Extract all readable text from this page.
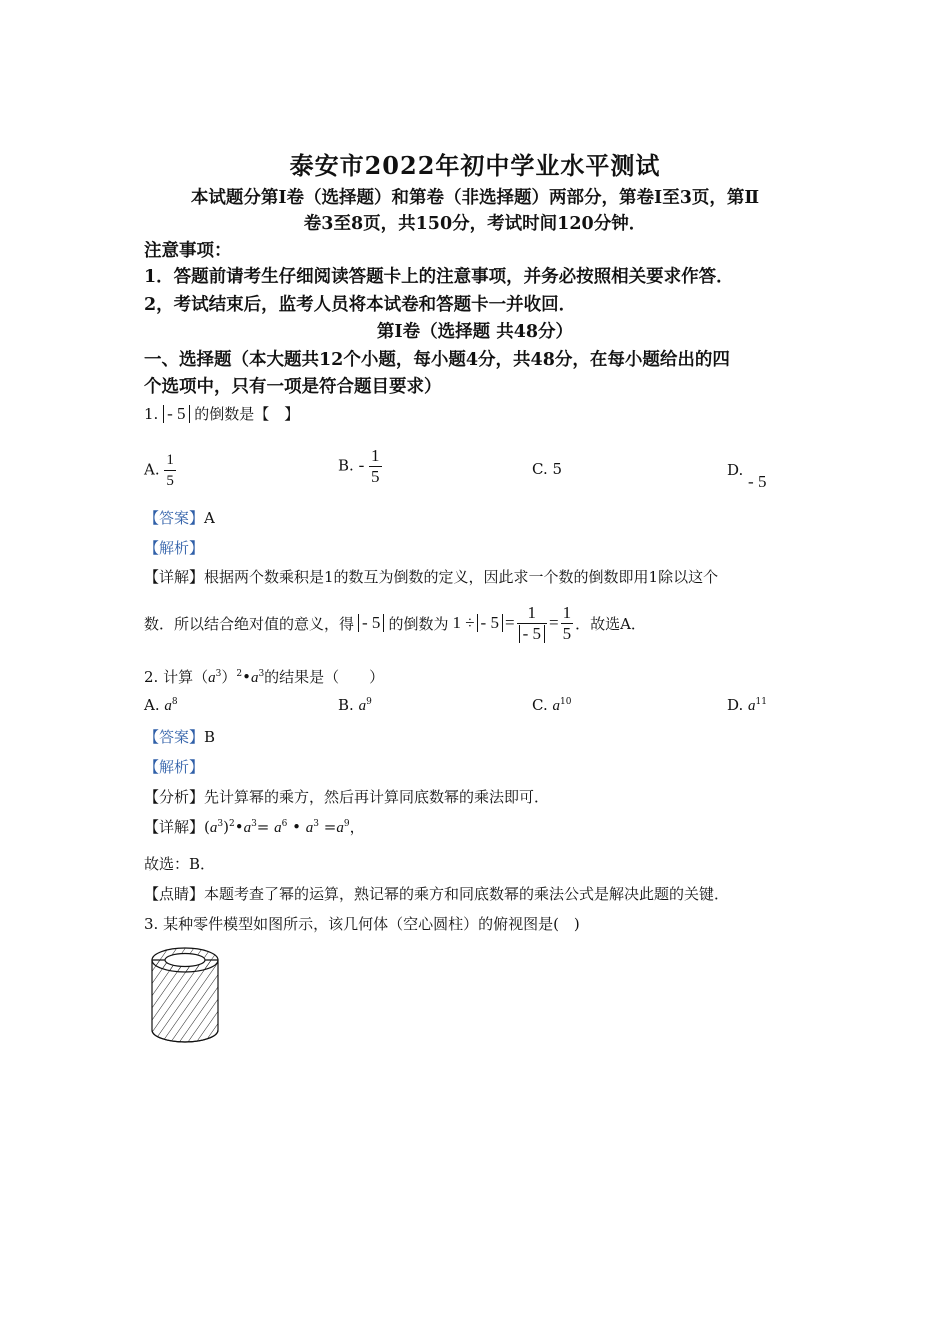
泰安市2022年初中学业水平测试
本试题分第Ⅰ卷（选择题）和第卷（非选择题）两部分，第卷Ⅰ至3页，第Ⅱ
卷3至8页，共150分，考试时间120分钟．
注意事项：
1．答题前请考生仔细阅读答题卡上的注意事项，并务必按照相关要求作答．
2，考试结束后，监考人员将本试卷和答题卡一并收回．
第Ⅰ卷（选择题 共48分）
一、选择题（本大题共12个小题，每小题4分，共48分，在每小题给出的四
个选项中，只有一项是符合题目要求）
1. - 5 的倒数是【　】
A. $\frac{1}{5}$	B. - $\frac{1}{5}$	C. 5	D. - 5
【答案】A
【解析】
【详解】根据两个数乘积是1的数互为倒数的定义，因此求一个数的倒数即用1除以这个
数．所以结合绝对值的意义，得 - 5 的倒数为 1 ÷ - $5 = \frac{1}{- 5} = \frac{1}{5}$ ．故选A．
2. 计算$(a^3)^2•a^3$的结果是（　　）
A. $a^8$	B. $a^9$	C. $a^{10}$	D. $a^{11}$
【答案】B
【解析】
【分析】先计算幂的乘方，然后再计算同底数幂的乘法即可．
【详解】$(a^3)^2•a^3= a^6$ • $a^3 =a^9$，
故选：B．
【点睛】本题考查了幂的运算，熟记幂的乘方和同底数幂的乘法公式是解决此题的关键．
3. 某种零件模型如图所示，该几何体（空心圆柱）的俯视图是(　)
